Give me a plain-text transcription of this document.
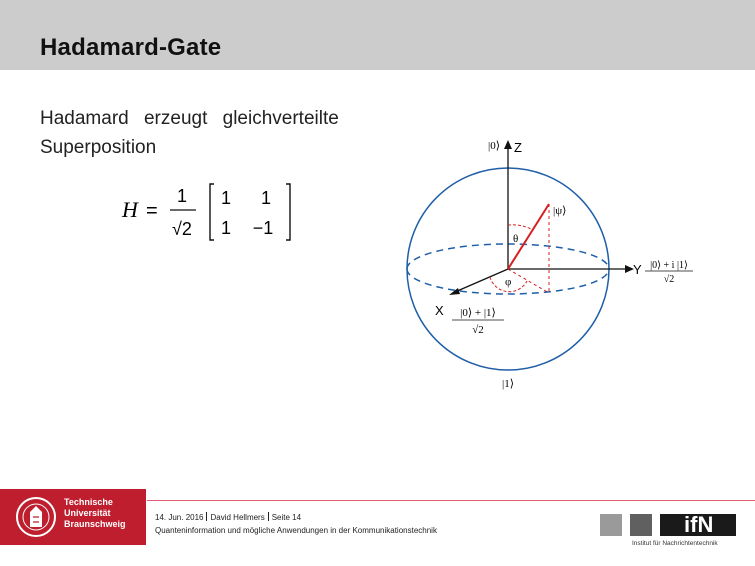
Hadamard-Gate
Hadamard erzeugt gleichverteilte
Superposition
H =
1
√2
1 1
1 −1
|0⟩ Z
|ψ⟩
θ
φ
Y |0⟩ + i |1⟩
√2
X |0⟩ + |1⟩
√2
|1⟩
Technische
Universität
Braunschweig
14. Jun. 2016 David Hellmers Seite 14
Quanteninformation und mögliche Anwendungen in der Kommunikationstechnik	ifN
Institut für Nachrichtentechnik
